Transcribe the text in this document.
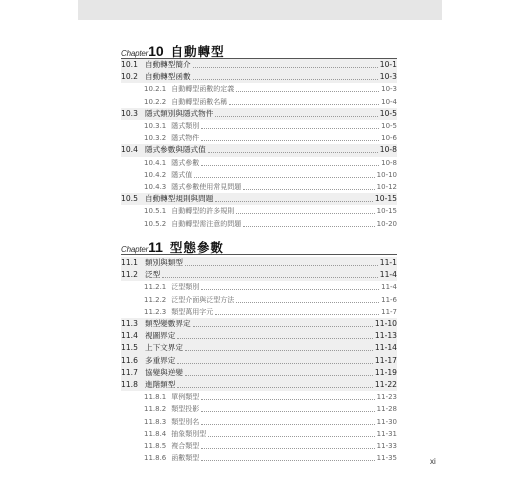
Chapter 10 自動轉型
10.1 自動轉型簡介	10-1
10.2 自動轉型函數	10-3
10.2.1 自動轉型函數的定義	10-3
10.2.2 自動轉型函數名稱	10-4
10.3 隱式類別與隱式物件	10-5
10.3.1 隱式類別	10-5
10.3.2 隱式物件	10-6
10.4 隱式參數與隱式值	10-8
10.4.1 隱式參數	10-8
10.4.2 隱式值	10-10
10.4.3 隱式參數使用常見問題	10-12
10.5 自動轉型規則與問題	10-15
10.5.1 自動轉型的許多規則	10-15
10.5.2 自動轉型需注意的問題	10-20
Chapter 11 型態參數
11.1 類別與類型	11-1
11.2 泛型	11-4
11.2.1 泛型類別	11-4
11.2.2 泛型介面與泛型方法	11-6
11.2.3 類型萬用字元	11-7
11.3 類型變數界定	11-10
11.4 視圖界定	11-13
11.5 上下文界定	11-14
11.6 多重界定	11-17
11.7 協變與逆變	11-19
11.8 進階類型	11-22
11.8.1 單例類型	11-23
11.8.2 類型投影	11-28
11.8.3 類型別名	11-30
11.8.4 抽象類別型	11-31
11.8.5 複合類型	11-33
11.8.6 函數類型	11-35	xi
